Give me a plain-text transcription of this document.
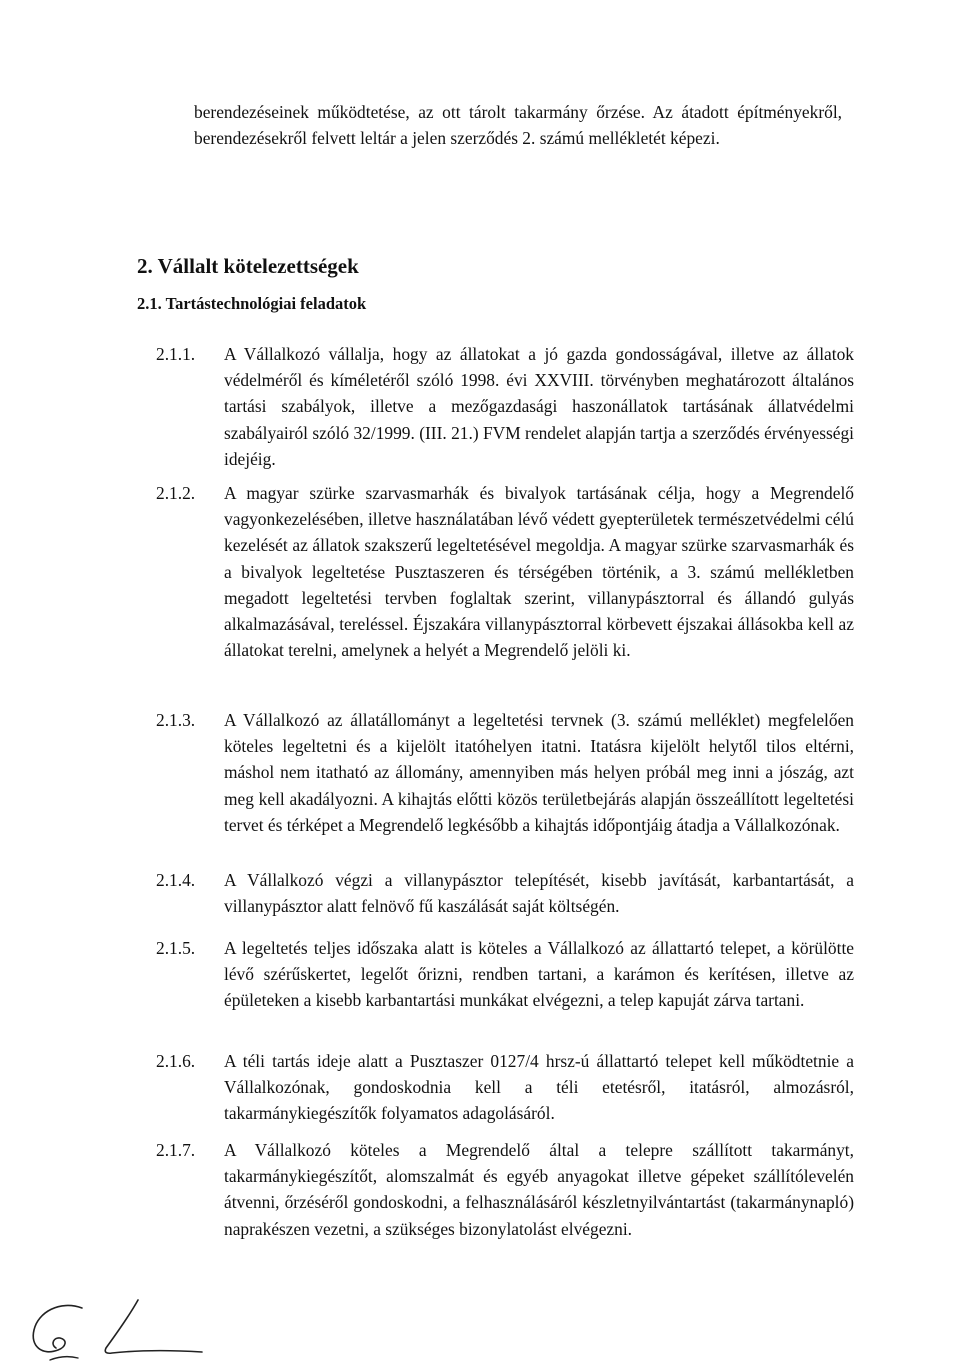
berendezéseinek működtetése, az ott tárolt takarmány őrzése. Az átadott építményekről, berendezésekről felvett leltár a jelen szerződés 2. számú mellékletét képezi.

2. Vállalt kötelezettségek
2.1. Tartástechnológiai feladatok
2.1.1.	A Vállalkozó vállalja, hogy az állatokat a jó gazda gondosságával, illetve az állatok védelméről és kíméletéről szóló 1998. évi XXVIII. törvényben meghatározott általános tartási szabályok, illetve a mezőgazdasági haszonállatok tartásának állatvédelmi szabályairól szóló 32/1999. (III. 21.) FVM rendelet alapján tartja a szerződés érvényességi idejéig.

2.1.2.	A magyar szürke szarvasmarhák és bivalyok tartásának célja, hogy a Megrendelő vagyonkezelésében, illetve használatában lévő védett gyepterületek természetvédelmi célú kezelését az állatok szakszerű legeltetésével megoldja. A magyar szürke szarvasmarhák és a bivalyok legeltetése Pusztaszeren és térségében történik, a 3. számú mellékletben megadott legeltetési tervben foglaltak szerint, villanypásztorral és állandó gulyás alkalmazásával, tereléssel. Éjszakára villanypásztorral körbevett éjszakai állásokba kell az állatokat terelni, amelynek a helyét a Megrendelő jelöli ki.

2.1.3.	A Vállalkozó az állatállományt a legeltetési tervnek (3. számú melléklet) megfelelően köteles legeltetni és a kijelölt itatóhelyen itatni. Itatásra kijelölt helytől tilos eltérni, máshol nem itatható az állomány, amennyiben más helyen próbál meg inni a jószág, azt meg kell akadályozni. A kihajtás előtti közös területbejárás alapján összeállított legeltetési tervet és térképet a Megrendelő legkésőbb a kihajtás időpontjáig átadja a Vállalkozónak.

2.1.4.	A Vállalkozó végzi a villanypásztor telepítését, kisebb javítását, karbantartását, a villanypásztor alatt felnövő fű kaszálását saját költségén.

2.1.5.	A legeltetés teljes időszaka alatt is köteles a Vállalkozó az állattartó telepet, a körülötte lévő szérűskertet, legelőt őrizni, rendben tartani, a karámon és kerítésen, illetve az épületeken a kisebb karbantartási munkákat elvégezni, a telep kapuját zárva tartani.

2.1.6.	A téli tartás ideje alatt a Pusztaszer 0127/4 hrsz-ú állattartó telepet kell működtetnie a Vállalkozónak, gondoskodnia kell a téli etetésről, itatásról, almozásról, takarmánykiegészítők folyamatos adagolásáról.

2.1.7.	A Vállalkozó köteles a Megrendelő által a telepre szállított takarmányt, takarmánykiegészítőt, alomszalmát és egyéb anyagokat illetve gépeket szállítólevelén átvenni, őrzéséről gondoskodni, a felhasználásáról készletnyilvántartást (takarmánynapló) naprakészen vezetni, a szükséges bizonylatolást elvégezni.
